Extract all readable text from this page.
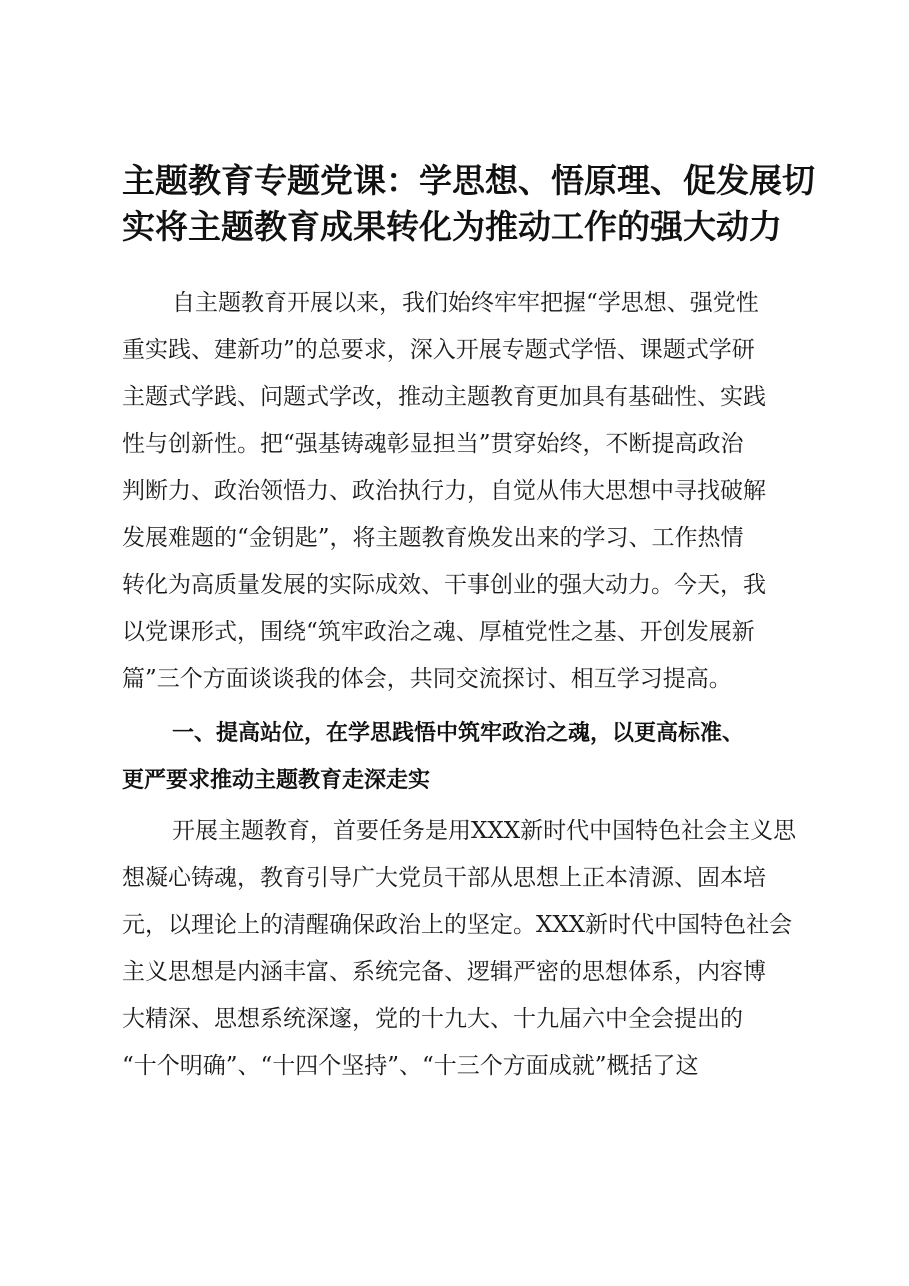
主题教育专题党课：学思想、悟原理、促发展切
实将主题教育成果转化为推动工作的强大动力
自主题教育开展以来，我们始终牢牢把握“学思想、强党性
重实践、建新功”的总要求，深入开展专题式学悟、课题式学研
主题式学践、问题式学改，推动主题教育更加具有基础性、实践
性与创新性。把“强基铸魂彰显担当”贯穿始终，不断提高政治
判断力、政治领悟力、政治执行力，自觉从伟大思想中寻找破解
发展难题的“金钥匙”，将主题教育焕发出来的学习、工作热情
转化为高质量发展的实际成效、干事创业的强大动力。今天，我
以党课形式，围绕“筑牢政治之魂、厚植党性之基、开创发展新
篇”三个方面谈谈我的体会，共同交流探讨、相互学习提高。
一、提高站位，在学思践悟中筑牢政治之魂，以更高标准、
更严要求推动主题教育走深走实
开展主题教育，首要任务是用XXX新时代中国特色社会主义思
想凝心铸魂，教育引导广大党员干部从思想上正本清源、固本培
元，以理论上的清醒确保政治上的坚定。XXX新时代中国特色社会
主义思想是内涵丰富、系统完备、逻辑严密的思想体系，内容博
大精深、思想系统深邃，党的十九大、十九届六中全会提出的
“十个明确”、“十四个坚持”、“十三个方面成就”概括了这
